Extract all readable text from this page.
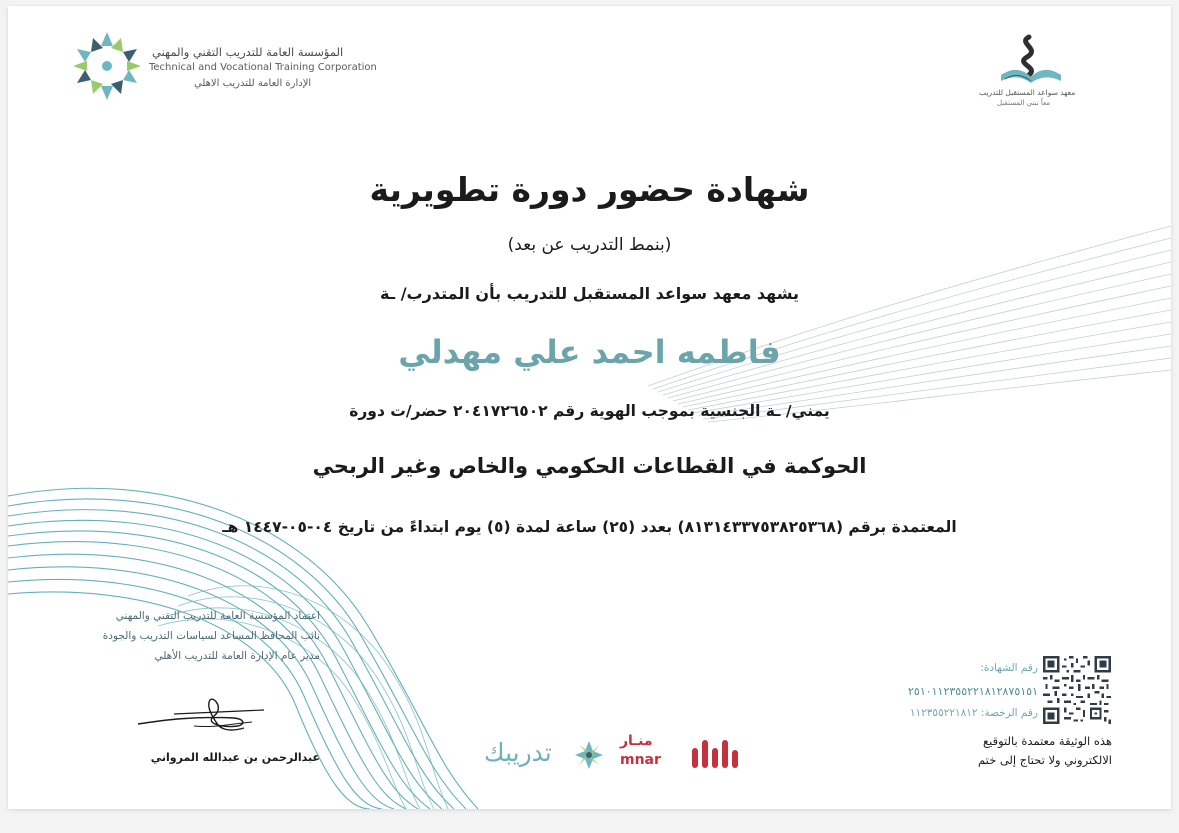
المؤسسة العامة للتدريب التقني والمهني
Technical and Vocational Training Corporation
الإدارة العامة للتدريب الاهلي
معهد سواعد المستقبل للتدريب
معاً نبني المستقبل
شهادة حضور دورة تطويرية
(بنمط التدريب عن بعد)
يشهد معهد سواعد المستقبل للتدريب بأن المتدرب/ ـة
فاطمه احمد علي مهدلي
يمني/ ـة الجنسية بموجب الهوية رقم ٢٠٤١٧٢٦٥٠٢ حضر/ت دورة
الحوكمة في القطاعات الحكومي والخاص وغير الربحي
المعتمدة برقم (٨١٣١٤٣٣٧٥٣٨٢٥٣٦٨) بعدد (٢٥) ساعة لمدة (٥) يوم ابتداءً من تاريخ ٠٤-٠٥-١٤٤٧ هـ
اعتماد المؤسسة العامة للتدريب التقني والمهني
نائب المحافظ المساعد لسياسات التدريب والجودة
مدير عام الإدارة العامة للتدريب الأهلي
عبدالرحمن بن عبدالله المرواني
رقم الشهادة:
٢٥١٠١١٢٣٥٥٢٢١٨١٢٨٧٥١٥١
رقم الرخصة: ١١٢٣٥٥٢٢١٨١٢
هذه الوثيقة معتمدة بالتوقيع
الالكتروني ولا تحتاج إلى ختم
منـار
mnar
تدريبك
